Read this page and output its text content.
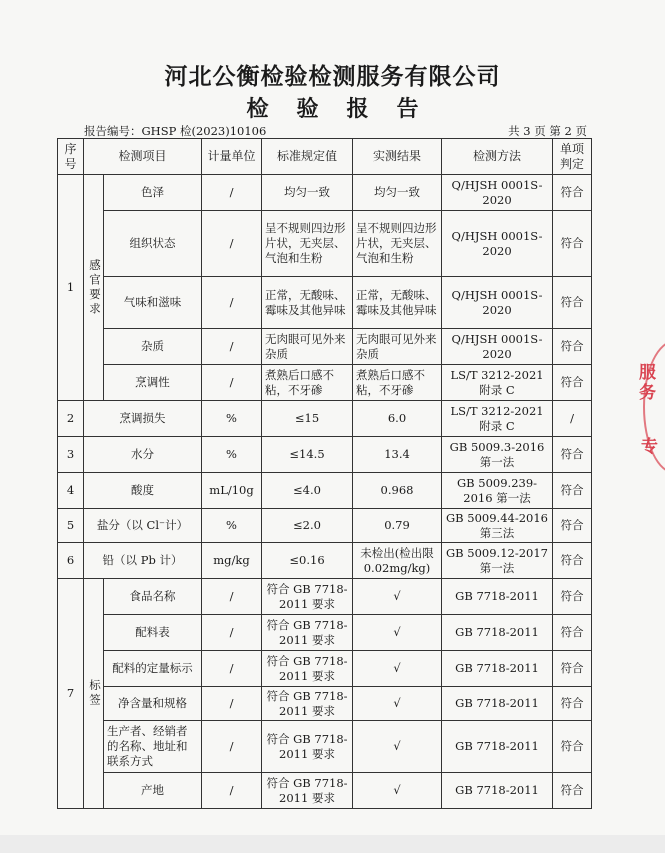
河北公衡检验检测服务有限公司
检 验 报 告
报告编号：GHSP 检(2023)10106	共 3 页 第 2 页
序号	检测项目		计量单位	标准规定值	实测结果	检测方法	单项判定
1	感官要求	色泽	/	均匀一致	均匀一致	Q/HJSH 0001S-2020	符合
		组织状态	/	呈不规则四边形片状，无夹层、气泡和生粉	呈不规则四边形片状，无夹层、气泡和生粉	Q/HJSH 0001S-2020	符合
		气味和滋味	/	正常，无酸味、霉味及其他异味	正常，无酸味、霉味及其他异味	Q/HJSH 0001S-2020	符合
		杂质	/	无肉眼可见外来杂质	无肉眼可见外来杂质	Q/HJSH 0001S-2020	符合
		烹调性	/	煮熟后口感不粘，不牙碜	煮熟后口感不粘，不牙碜	LS/T 3212-2021 附录 C	符合
2	烹调损失		%	≤15	6.0	LS/T 3212-2021 附录 C	/
3	水分		%	≤14.5	13.4	GB 5009.3-2016 第一法	符合
4	酸度		mL/10g	≤4.0	0.968	GB 5009.239-2016 第一法	符合
5	盐分（以 Cl⁻计）		%	≤2.0	0.79	GB 5009.44-2016 第三法	符合
6	铅（以 Pb 计）		mg/kg	≤0.16	未检出(检出限 0.02mg/kg)	GB 5009.12-2017 第一法	符合
7	标签	食品名称	/	符合 GB 7718-2011 要求	√	GB 7718-2011	符合
		配料表	/	符合 GB 7718-2011 要求	√	GB 7718-2011	符合
		配料的定量标示	/	符合 GB 7718-2011 要求	√	GB 7718-2011	符合
		净含量和规格	/	符合 GB 7718-2011 要求	√	GB 7718-2011	符合
		生产者、经销者的名称、地址和联系方式	/	符合 GB 7718-2011 要求	√	GB 7718-2011	符合
		产地	/	符合 GB 7718-2011 要求	√	GB 7718-2011	符合
服
务
专
